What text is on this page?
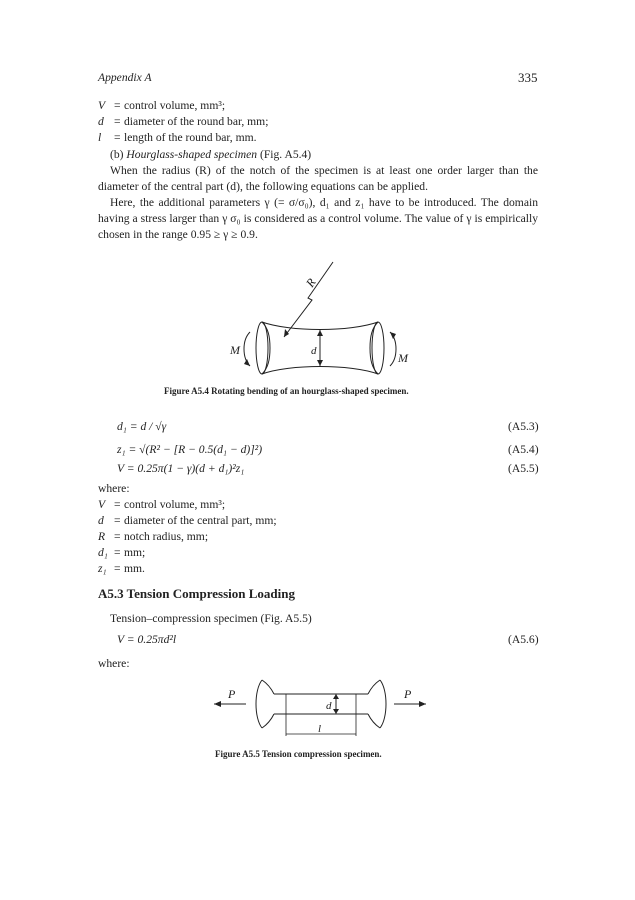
Appendix A	335
V = control volume, mm³;
d = diameter of the round bar, mm;
l = length of the round bar, mm.
(b) Hourglass-shaped specimen (Fig. A5.4)
When the radius (R) of the notch of the specimen is at least one order larger than the diameter of the central part (d), the following equations can be applied.
Here, the additional parameters γ (= σ/σ₀), d₁ and z₁ have to be introduced. The domain having a stress larger than γ σ₀ is considered as a control volume. The value of γ is empirically chosen in the range 0.95 ≥ γ ≥ 0.9.
R
d
M
M
Figure A5.4 Rotating bending of an hourglass-shaped specimen.
d₁ = d / √γ	(A5.3)
z₁ = √(R² − [R − 0.5(d₁ − d)]²)	(A5.4)
V = 0.25π(1 − γ)(d + d₁)²z₁	(A5.5)
where:
V = control volume, mm³;
d = diameter of the central part, mm;
R = notch radius, mm;
d₁ = mm;
z₁ = mm.
A5.3 Tension Compression Loading
Tension–compression specimen (Fig. A5.5)
V = 0.25πd²l	(A5.6)
where:
d
l
P	P
Figure A5.5 Tension compression specimen.
